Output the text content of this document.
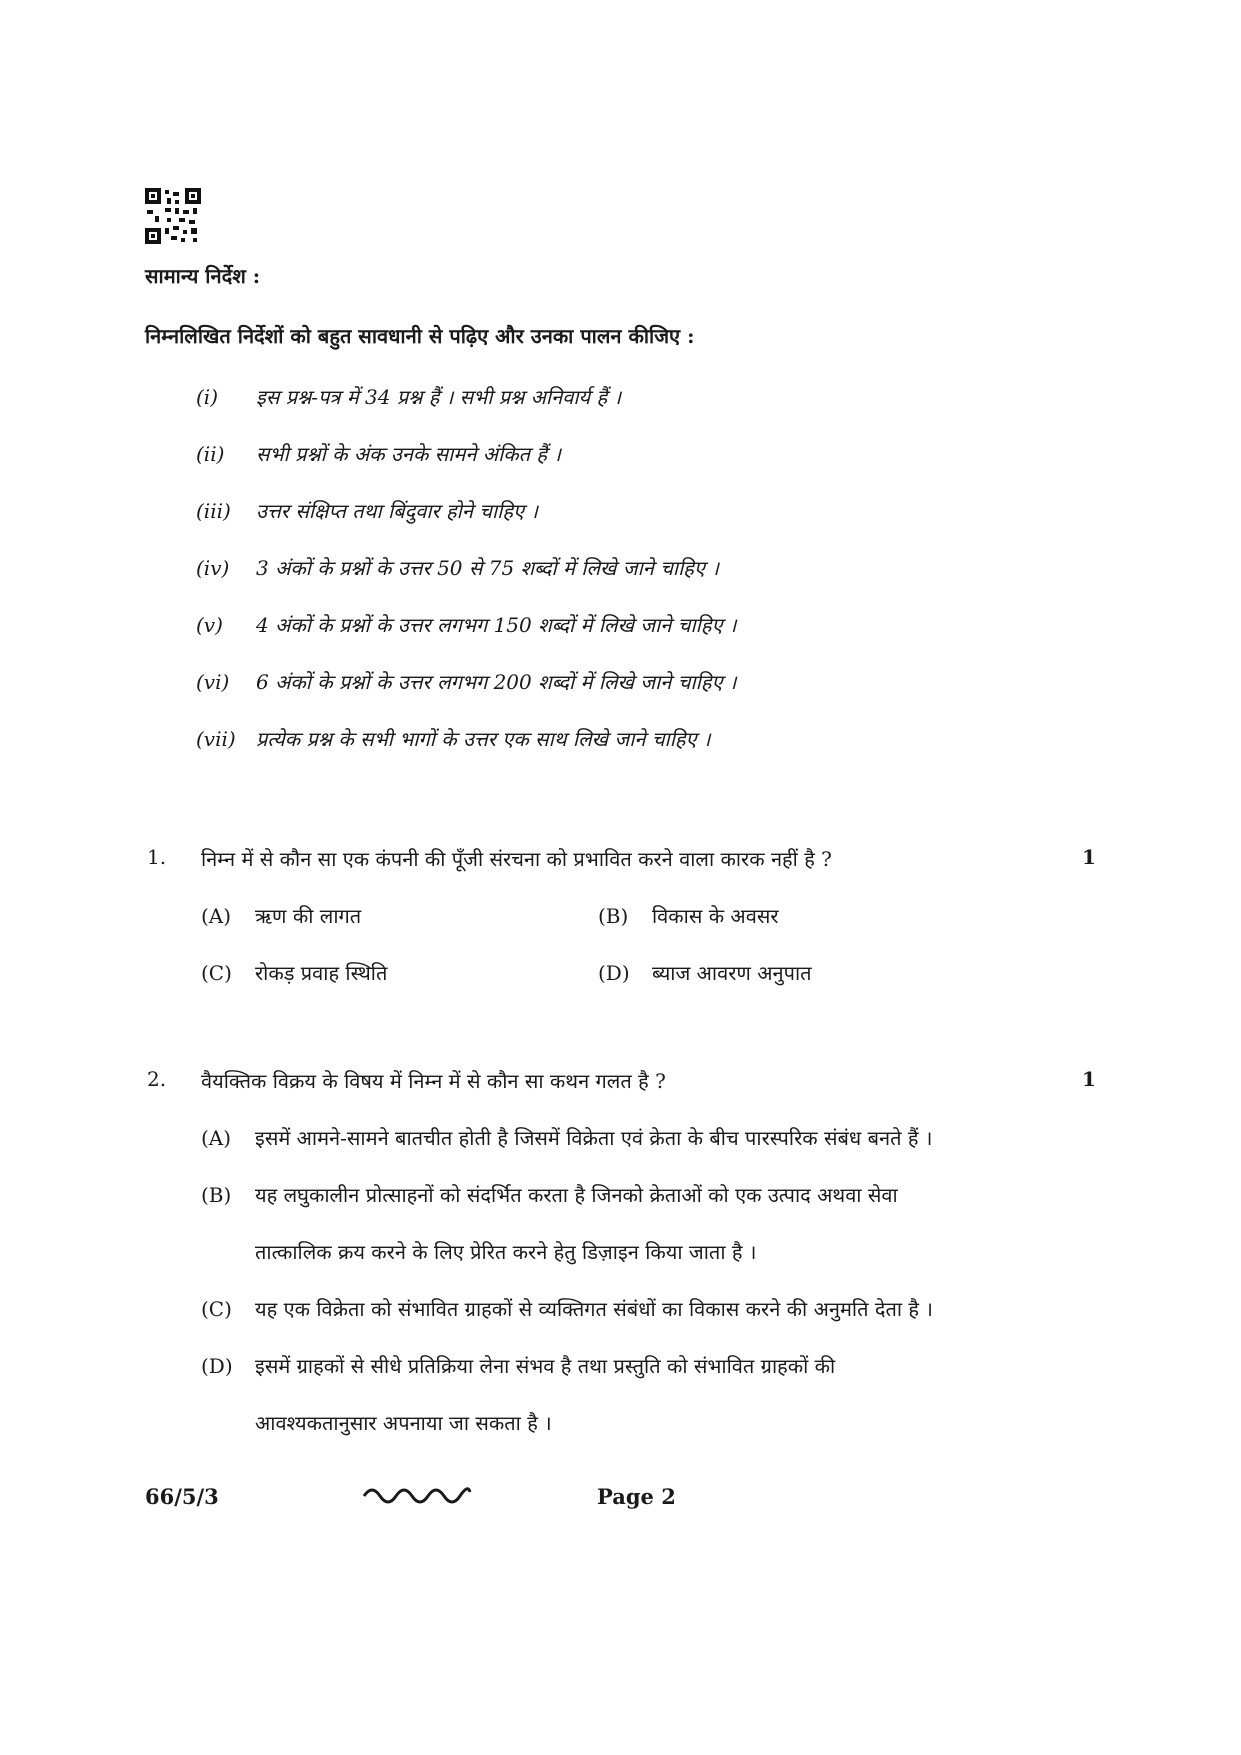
सामान्य निर्देश :
निम्नलिखित निर्देशों को बहुत सावधानी से पढ़िए और उनका पालन कीजिए :
(i) इस प्रश्न-पत्र में 34 प्रश्न हैं । सभी प्रश्न अनिवार्य हैं ।
(ii) सभी प्रश्नों के अंक उनके सामने अंकित हैं ।
(iii) उत्तर संक्षिप्त तथा बिंदुवार होने चाहिए ।
(iv) 3 अंकों के प्रश्नों के उत्तर 50 से 75 शब्दों में लिखे जाने चाहिए ।
(v) 4 अंकों के प्रश्नों के उत्तर लगभग 150 शब्दों में लिखे जाने चाहिए ।
(vi) 6 अंकों के प्रश्नों के उत्तर लगभग 200 शब्दों में लिखे जाने चाहिए ।
(vii) प्रत्येक प्रश्न के सभी भागों के उत्तर एक साथ लिखे जाने चाहिए ।
1. निम्न में से कौन सा एक कंपनी की पूँजी संरचना को प्रभावित करने वाला कारक नहीं है ?	1
(A) ऋण की लागत	(B) विकास के अवसर
(C) रोकड़ प्रवाह स्थिति	(D) ब्याज आवरण अनुपात
2. वैयक्तिक विक्रय के विषय में निम्न में से कौन सा कथन गलत है ?	1
(A) इसमें आमने-सामने बातचीत होती है जिसमें विक्रेता एवं क्रेता के बीच पारस्परिक संबंध बनते हैं ।
(B) यह लघुकालीन प्रोत्साहनों को संदर्भित करता है जिनको क्रेताओं को एक उत्पाद अथवा सेवा
तात्कालिक क्रय करने के लिए प्रेरित करने हेतु डिज़ाइन किया जाता है ।
(C) यह एक विक्रेता को संभावित ग्राहकों से व्यक्तिगत संबंधों का विकास करने की अनुमति देता है ।
(D) इसमें ग्राहकों से सीधे प्रतिक्रिया लेना संभव है तथा प्रस्तुति को संभावित ग्राहकों की
आवश्यकतानुसार अपनाया जा सकता है ।
66/5/3	Page 2
